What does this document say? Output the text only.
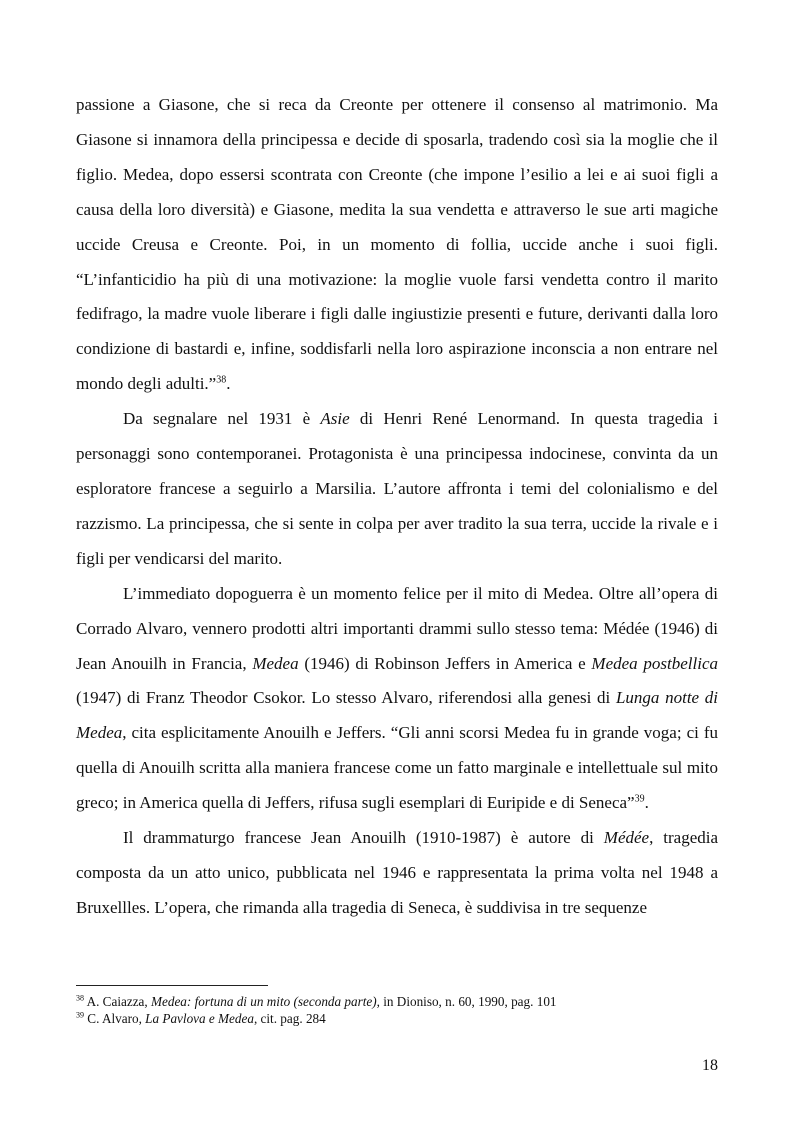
passione a Giasone, che si reca da Creonte per ottenere il consenso al matrimonio. Ma Giasone si innamora della principessa e decide di sposarla, tradendo così sia la moglie che il figlio. Medea, dopo essersi scontrata con Creonte (che impone l’esilio a lei e ai suoi figli a causa della loro diversità) e Giasone, medita la sua vendetta e attraverso le sue arti magiche uccide Creusa e Creonte. Poi, in un momento di follia, uccide anche i suoi figli. “L’infanticidio ha più di una motivazione: la moglie vuole farsi vendetta contro il marito fedifrago, la madre vuole liberare i figli dalle ingiustizie presenti e future, derivanti dalla loro condizione di bastardi e, infine, soddisfarli nella loro aspirazione inconscia a non entrare nel mondo degli adulti.”$^{38}$.

Da segnalare nel 1931 è Asie di Henri René Lenormand. In questa tragedia i personaggi sono contemporanei. Protagonista è una principessa indocinese, convinta da un esploratore francese a seguirlo a Marsilia. L’autore affronta i temi del colonialismo e del razzismo. La principessa, che si sente in colpa per aver tradito la sua terra, uccide la rivale e i figli per vendicarsi del marito.

L’immediato dopoguerra è un momento felice per il mito di Medea. Oltre all’opera di Corrado Alvaro, vennero prodotti altri importanti drammi sullo stesso tema: Médée (1946) di Jean Anouilh in Francia, Medea (1946) di Robinson Jeffers in America e Medea postbellica (1947) di Franz Theodor Csokor. Lo stesso Alvaro, riferendosi alla genesi di Lunga notte di Medea, cita esplicitamente Anouilh e Jeffers. “Gli anni scorsi Medea fu in grande voga; ci fu quella di Anouilh scritta alla maniera francese come un fatto marginale e intellettuale sul mito greco; in America quella di Jeffers, rifusa sugli esemplari di Euripide e di Seneca”$^{39}$.

Il drammaturgo francese Jean Anouilh (1910-1987) è autore di Médée, tragedia composta da un atto unico, pubblicata nel 1946 e rappresentata la prima volta nel 1948 a Bruxellles. L’opera, che rimanda alla tragedia di Seneca, è suddivisa in tre sequenze

$^{38}$ A. Caiazza, Medea: fortuna di un mito (seconda parte), in Dioniso, n. 60, 1990, pag. 101

$^{39}$ C. Alvaro, La Pavlova e Medea, cit. pag. 284

18
